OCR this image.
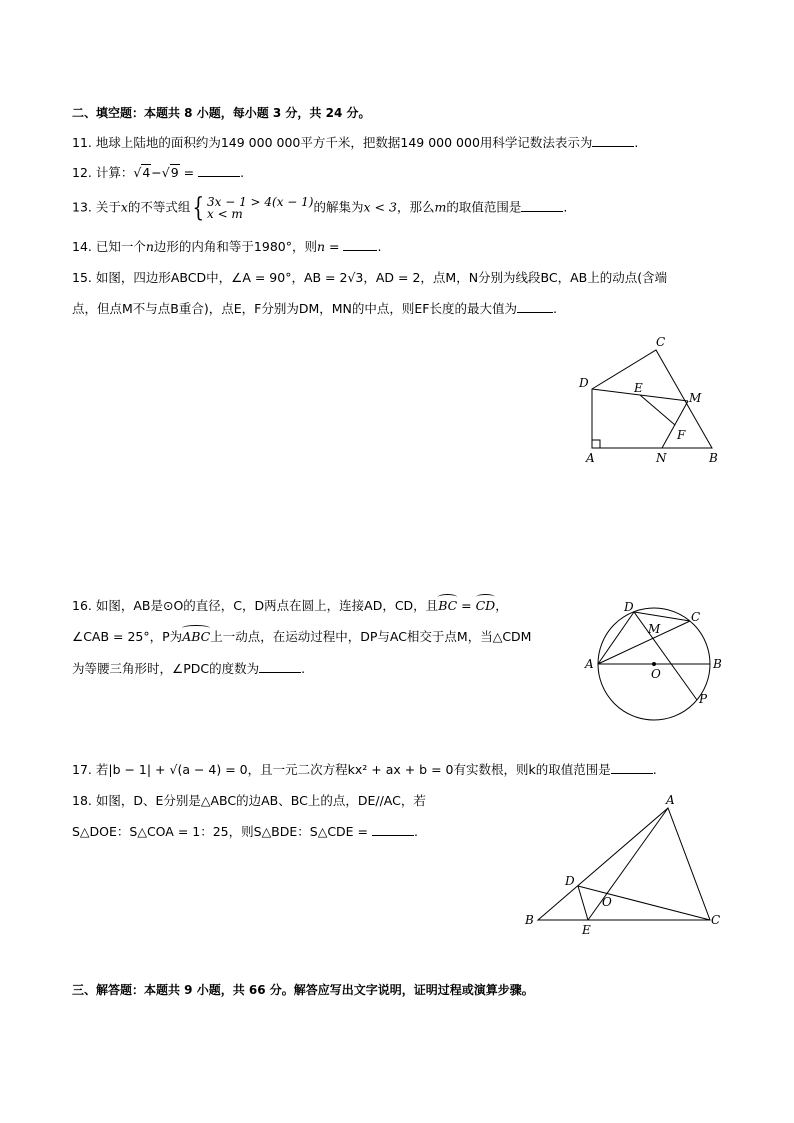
二、填空题：本题共 8 小题，每小题 3 分，共 24 分。
11. 地球上陆地的面积约为149 000 000平方千米，把数据149 000 000用科学记数法表示为	.
12. 计算：√4−√9 =	.
13. 关于x的不等式组 { 3x − 1 > 4(x − 1)
x < m	的解集为x < 3，那么m的取值范围是	.
14. 已知一个n边形的内角和等于1980°，则n =	.
15. 如图，四边形ABCD中，∠A = 90°，AB = 2√3，AD = 2，点M，N分别为线段BC，AB上的动点(含端
点，但点M不与点B重合)，点E，F分别为DM，MN的中点，则EF长度的最大值为	.
C
D	E
M
F
A	N	B
16. 如图，AB是⊙O的直径，C，D两点在圆上，连接AD，CD，且BC = CD，
∠CAB = 25°，P为ABC上一动点，在运动过程中，DP与AC相交于点M，当△CDM
为等腰三角形时，∠PDC的度数为	.
D
C
M
A	B
O
P
17. 若|b − 1| + √(a − 4) = 0，且一元二次方程kx² + ax + b = 0有实数根，则k的取值范围是	.
18. 如图，D、E分别是△ABC的边AB、BC上的点，DE//AC，若
S△DOE：S△COA = 1：25，则S△BDE：S△CDE =	.
A
D
O
B
E
C
三、解答题：本题共 9 小题，共 66 分。解答应写出文字说明，证明过程或演算步骤。
